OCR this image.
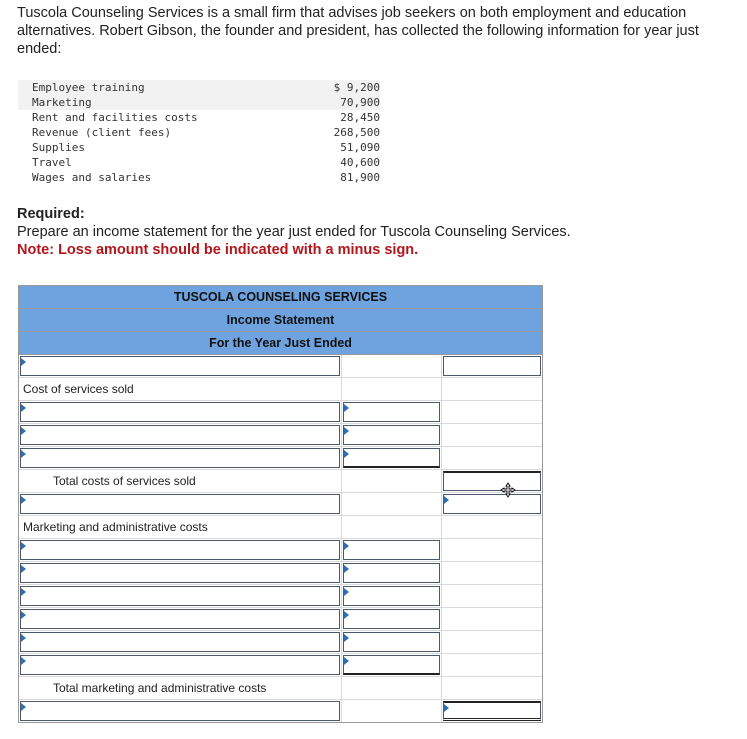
Tuscola Counseling Services is a small firm that advises job seekers on both employment and education alternatives. Robert Gibson, the founder and president, has collected the following information for year just ended:
Employee training	$ 9,200
Marketing	70,900
Rent and facilities costs	28,450
Revenue (client fees)	268,500
Supplies	51,090
Travel	40,600
Wages and salaries	81,900
Required:
Prepare an income statement for the year just ended for Tuscola Counseling Services.
Note: Loss amount should be indicated with a minus sign.
TUSCOLA COUNSELING SERVICES
Income Statement
For the Year Just Ended
Cost of services sold
Total costs of services sold
Marketing and administrative costs
Total marketing and administrative costs
